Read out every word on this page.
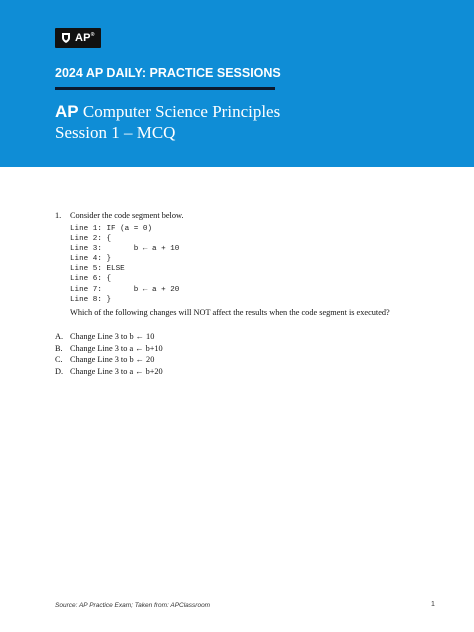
AP®
2024 AP DAILY: PRACTICE SESSIONS
AP Computer Science Principles
Session 1 – MCQ
1.	Consider the code segment below.
Line 1: IF (a = 0)
Line 2: {
Line 3:       b ← a + 10
Line 4: }
Line 5: ELSE
Line 6: {
Line 7:       b ← a + 20
Line 8: }
Which of the following changes will NOT affect the results when the code segment is executed?
A. Change Line 3 to b ← 10
B. Change Line 3 to a ← b+10
C. Change Line 3 to b ← 20
D. Change Line 3 to a ← b+20
Source: AP Practice Exam; Taken from: APClassroom	1
